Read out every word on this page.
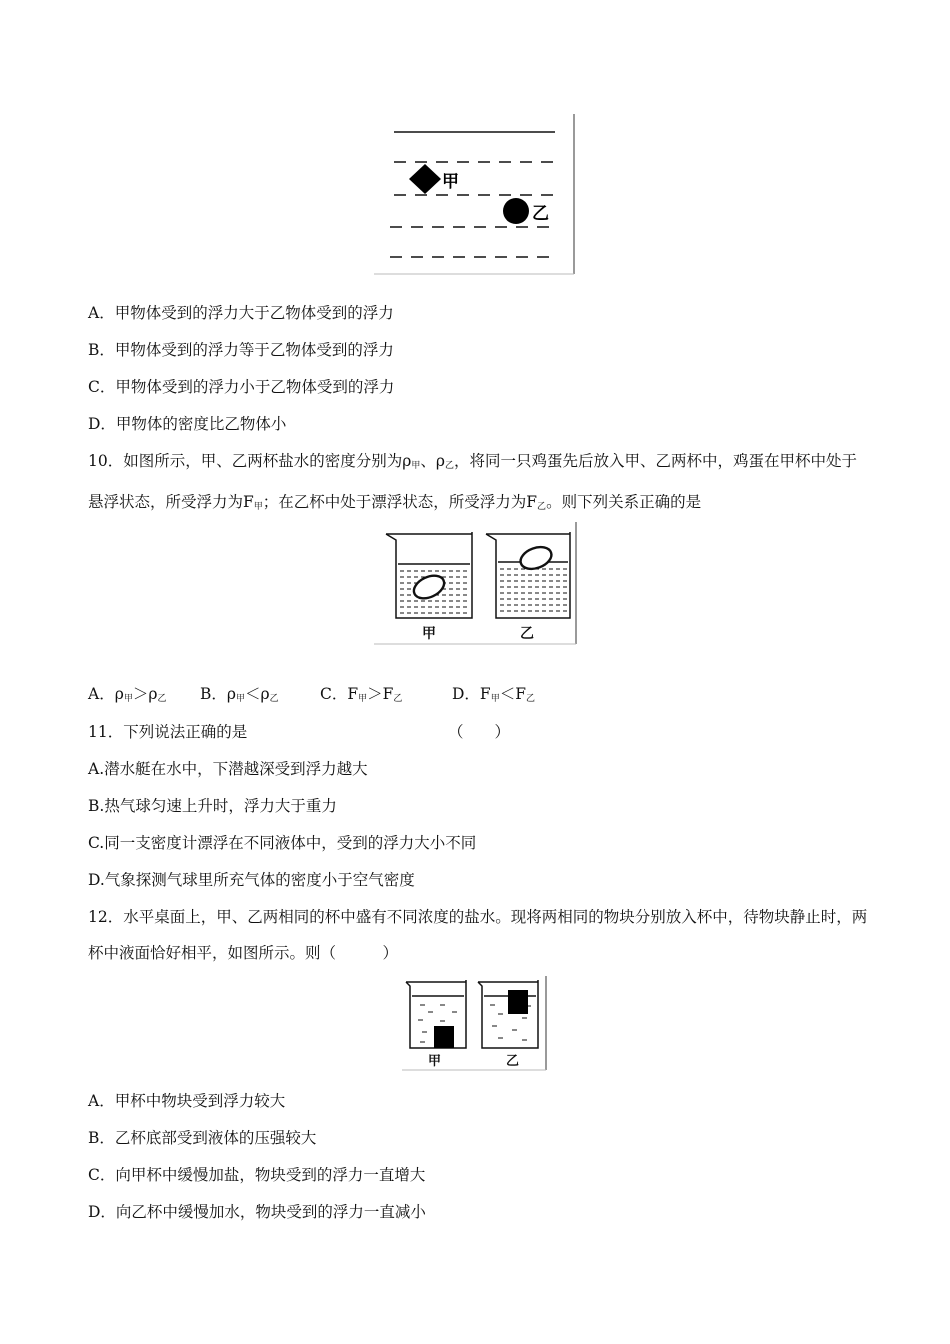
甲
乙
A．甲物体受到的浮力大于乙物体受到的浮力
B．甲物体受到的浮力等于乙物体受到的浮力
C．甲物体受到的浮力小于乙物体受到的浮力
D．甲物体的密度比乙物体小
10．如图所示，甲、乙两杯盐水的密度分别为$\rho_甲$、$\rho_乙$，将同一只鸡蛋先后放入甲、乙两杯中，鸡蛋在甲杯中处于悬浮状态，所受浮力为$F_甲$；在乙杯中处于漂浮状态，所受浮力为$F_乙$。则下列关系正确的是
甲	乙
A．$\rho_甲>\rho_乙$ B．$\rho_甲<\rho_乙$	C．$F_甲>F_乙$	D．$F_甲<F_乙$
11．下列说法正确的是	（　　）
A.潜水艇在水中，下潜越深受到浮力越大
B.热气球匀速上升时，浮力大于重力
C.同一支密度计漂浮在不同液体中，受到的浮力大小不同
D.气象探测气球里所充气体的密度小于空气密度
12．水平桌面上，甲、乙两相同的杯中盛有不同浓度的盐水。现将两相同的物块分别放入杯中，待物块静止时，两杯中液面恰好相平，如图所示。则（　　　）
甲	乙
A．甲杯中物块受到浮力较大
B．乙杯底部受到液体的压强较大
C．向甲杯中缓慢加盐，物块受到的浮力一直增大
D．向乙杯中缓慢加水，物块受到的浮力一直减小
